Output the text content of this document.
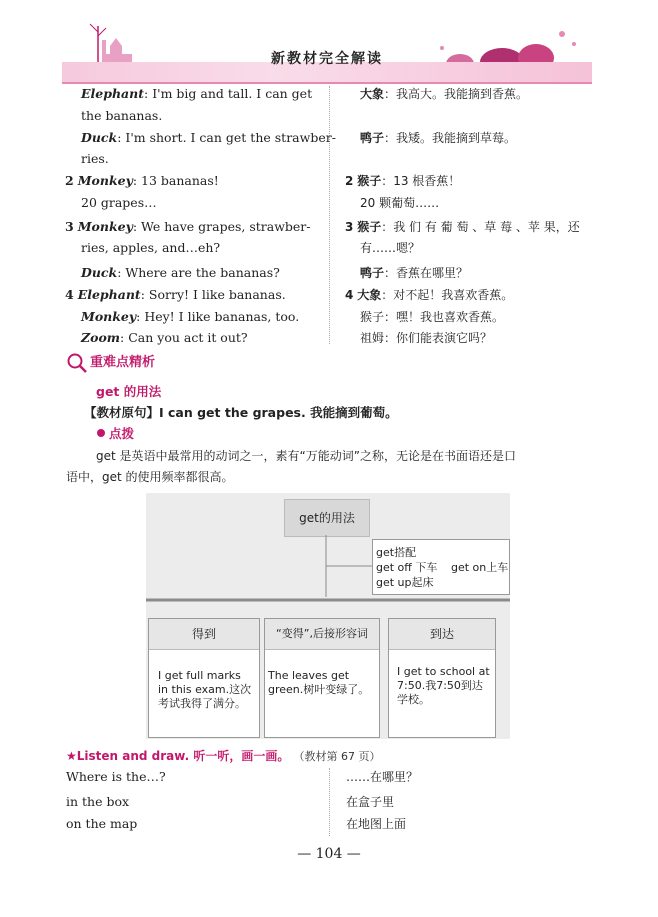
新教材完全解读
Elephant: I'm big and tall. I can get
the bananas.
Duck: I'm short. I can get the strawber-
ries.
2 Monkey: 13 bananas!
20 grapes…
3 Monkey: We have grapes, strawber-
ries, apples, and…eh?
Duck: Where are the bananas?
4 Elephant: Sorry! I like bananas.
Monkey: Hey! I like bananas, too.
Zoom: Can you act it out?
大象：我高大。我能摘到香蕉。
鸭子：我矮。我能摘到草莓。
2 猴子：13 根香蕉！
20 颗葡萄……
3 猴子：我 们 有 葡 萄 、草 莓 、苹 果，还
有……嗯？
鸭子：香蕉在哪里？
4 大象：对不起！我喜欢香蕉。
猴子：嘿！我也喜欢香蕉。
祖姆：你们能表演它吗？
重难点精析
get 的用法
【教材原句】I can get the grapes. 我能摘到葡萄。
点拨
get 是英语中最常用的动词之一，素有“万能动词”之称，无论是在书面语还是口
语中，get 的使用频率都很高。
get的用法
get搭配
get off 下车 get on上车
get up起床
得到
I get full marks in this exam.这次考试我得了满分。
“变得”,后接形容词
The leaves get green.树叶变绿了。
到达
I get to school at 7:50.我7:50到达学校。
★Listen and draw. 听一听，画一画。 （教材第 67 页）
Where is the…?	……在哪里？
in the box	在盒子里
on the map	在地图上面
— 104 —
